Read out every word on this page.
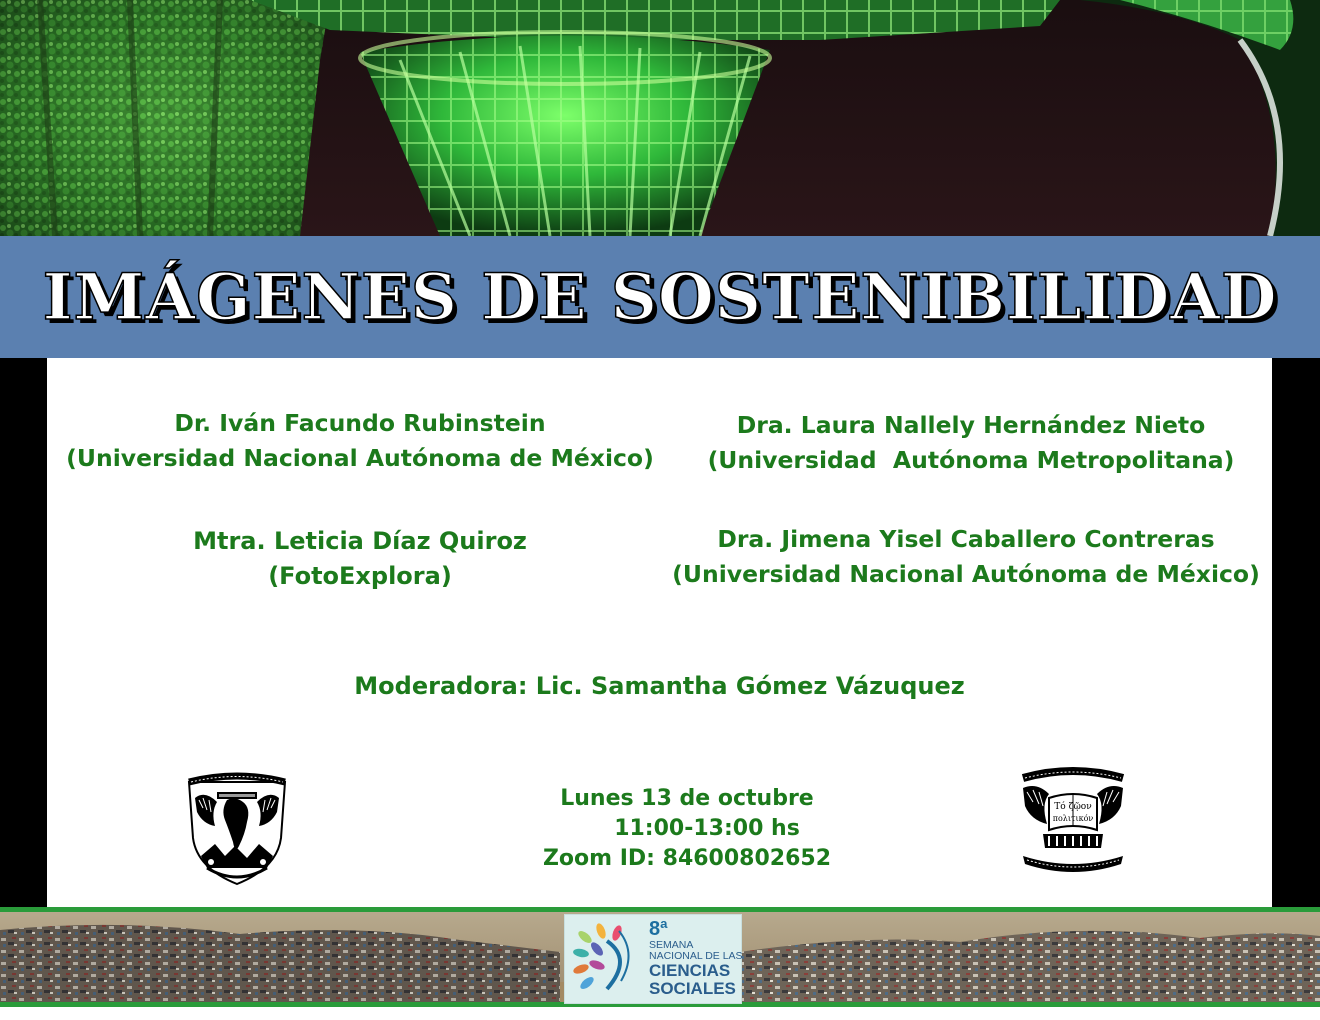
IMÁGENES DE SOSTENIBILIDAD
Dr. Iván Facundo Rubinstein
(Universidad Nacional Autónoma de México)
Dra. Laura Nallely Hernández Nieto
(Universidad  Autónoma Metropolitana)
Mtra. Leticia Díaz Quiroz
(FotoExplora)
Dra. Jimena Yisel Caballero Contreras
(Universidad Nacional Autónoma de México)
Moderadora: Lic. Samantha Gómez Vázuquez
Lunes 13 de octubre
11:00-13:00 hs
Zoom ID: 84600802652
Τό ζῷον
πολιτικόν
8ª
SEMANA
NACIONAL DE LAS
CIENCIAS
SOCIALES
